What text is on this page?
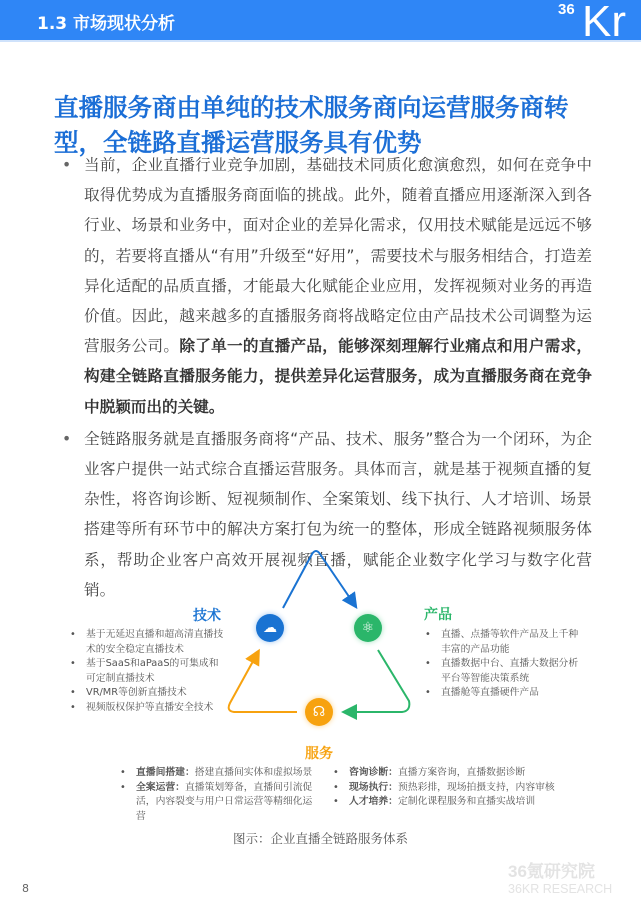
1.3 市场现状分析
36 Kr
直播服务商由单纯的技术服务商向运营服务商转型，全链路直播运营服务具有优势
• 当前，企业直播行业竞争加剧，基础技术同质化愈演愈烈，如何在竞争中取得优势成为直播服务商面临的挑战。此外，随着直播应用逐渐深入到各行业、场景和业务中，面对企业的差异化需求，仅用技术赋能是远远不够的，若要将直播从“有用”升级至“好用”，需要技术与服务相结合，打造差异化适配的品质直播，才能最大化赋能企业应用，发挥视频对业务的再造价值。因此，越来越多的直播服务商将战略定位由产品技术公司调整为运营服务公司。除了单一的直播产品，能够深刻理解行业痛点和用户需求，构建全链路直播服务能力，提供差异化运营服务，成为直播服务商在竞争中脱颖而出的关键。
• 全链路服务就是直播服务商将“产品、技术、服务”整合为一个闭环，为企业客户提供一站式综合直播运营服务。具体而言，就是基于视频直播的复杂性，将咨询诊断、短视频制作、全案策划、线下执行、人才培训、场景搭建等所有环节中的解决方案打包为统一的整体，形成全链路视频服务体系，帮助企业客户高效开展视频直播，赋能企业数字化学习与数字化营销。
☁	⚛
☊
技术
• 基于无延迟直播和超高清直播技术的安全稳定直播技术
• 基于SaaS和aPaaS的可集成和可定制直播技术
• VR/MR等创新直播技术
• 视频版权保护等直播安全技术
产品
• 直播、点播等软件产品及上千种丰富的产品功能
• 直播数据中台、直播大数据分析平台等智能决策系统
• 直播舱等直播硬件产品
服务
• 直播间搭建：搭建直播间实体和虚拟场景
• 全案运营：直播策划筹备，直播间引流促活，内容裂变与用户日常运营等精细化运营
• 咨询诊断：直播方案咨询，直播数据诊断
• 现场执行：预热彩排，现场拍摄支持，内容审核
• 人才培养：定制化课程服务和直播实战培训
图示：企业直播全链路服务体系
8
36氪研究院
36KR RESEARCH
